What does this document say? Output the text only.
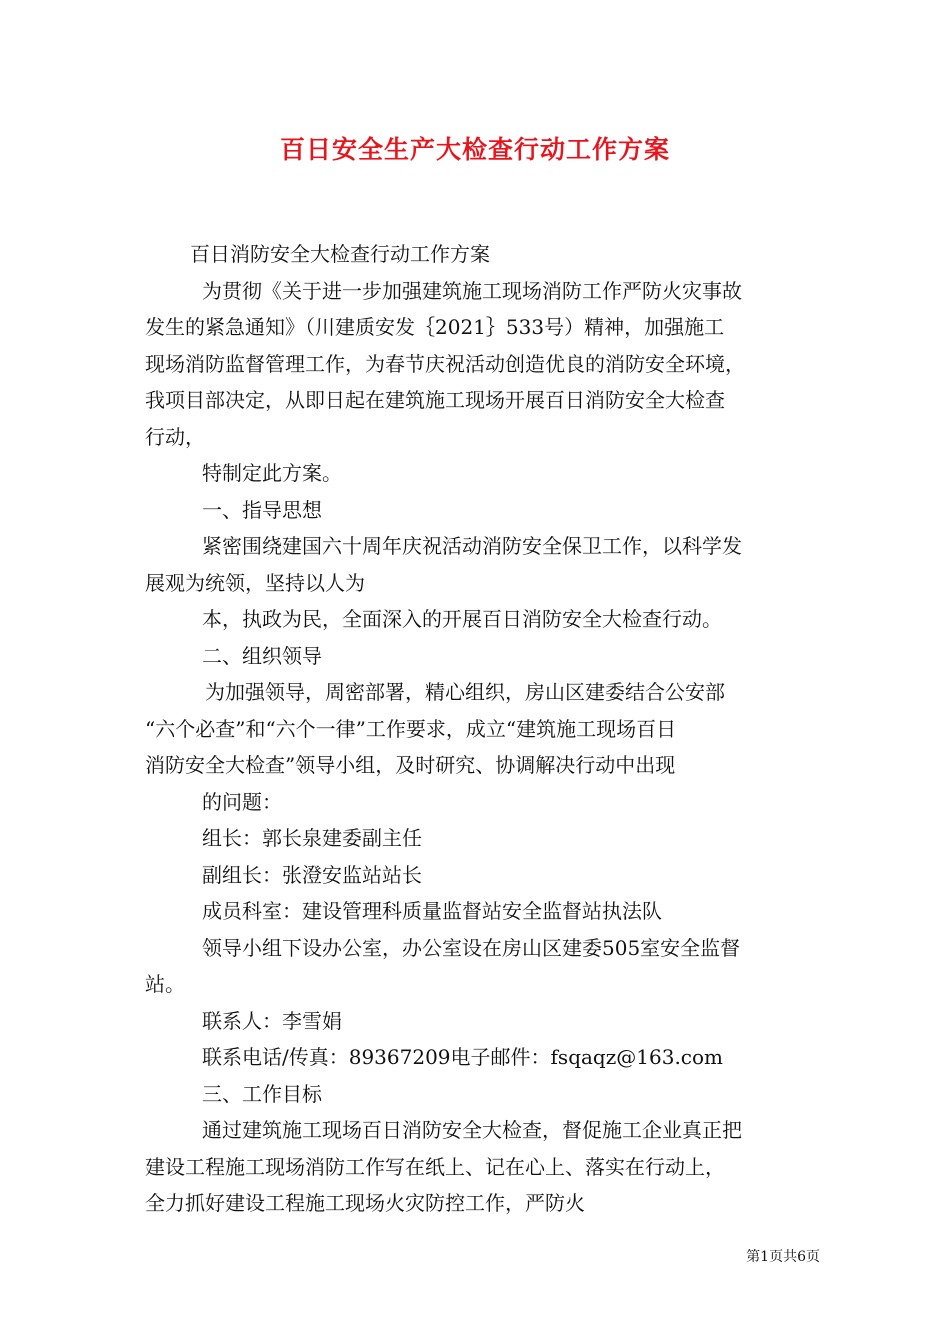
百日安全生产大检查行动工作方案

百日消防安全大检查行动工作方案

为贯彻《关于进一步加强建筑施工现场消防工作严防火灾事故

发生的紧急通知》（川建质安发｛2021｝533号）精神，加强施工

现场消防监督管理工作，为春节庆祝活动创造优良的消防安全环境，

我项目部决定，从即日起在建筑施工现场开展百日消防安全大检查

行动，

特制定此方案。

一、指导思想

紧密围绕建国六十周年庆祝活动消防安全保卫工作，以科学发

展观为统领，坚持以人为

本，执政为民，全面深入的开展百日消防安全大检查行动。

二、组织领导

为加强领导，周密部署，精心组织，房山区建委结合公安部

“六个必查”和“六个一律”工作要求，成立“建筑施工现场百日

消防安全大检查”领导小组，及时研究、协调解决行动中出现

的问题：

组长：郭长泉建委副主任

副组长：张澄安监站站长

成员科室：建设管理科质量监督站安全监督站执法队

领导小组下设办公室，办公室设在房山区建委505室安全监督

站。

联系人：李雪娟

联系电话/传真：89367209电子邮件：fsqaqz@163.com

三、工作目标

通过建筑施工现场百日消防安全大检查，督促施工企业真正把

建设工程施工现场消防工作写在纸上、记在心上、落实在行动上，

全力抓好建设工程施工现场火灾防控工作，严防火

第1页共6页
